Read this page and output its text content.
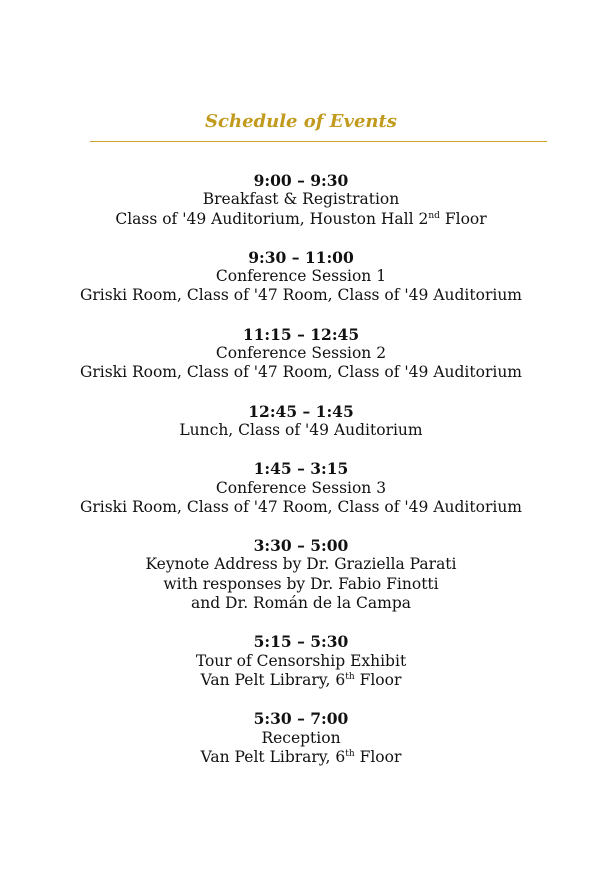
Schedule of Events
9:00 – 9:30
Breakfast & Registration
Class of '49 Auditorium, Houston Hall 2nd Floor
9:30 – 11:00
Conference Session 1
Griski Room, Class of '47 Room, Class of '49 Auditorium
11:15 – 12:45
Conference Session 2
Griski Room, Class of '47 Room, Class of '49 Auditorium
12:45 – 1:45
Lunch, Class of '49 Auditorium
1:45 – 3:15
Conference Session 3
Griski Room, Class of '47 Room, Class of '49 Auditorium
3:30 – 5:00
Keynote Address by Dr. Graziella Parati
with responses by Dr. Fabio Finotti
and Dr. Román de la Campa
5:15 – 5:30
Tour of Censorship Exhibit
Van Pelt Library, 6th Floor
5:30 – 7:00
Reception
Van Pelt Library, 6th Floor
